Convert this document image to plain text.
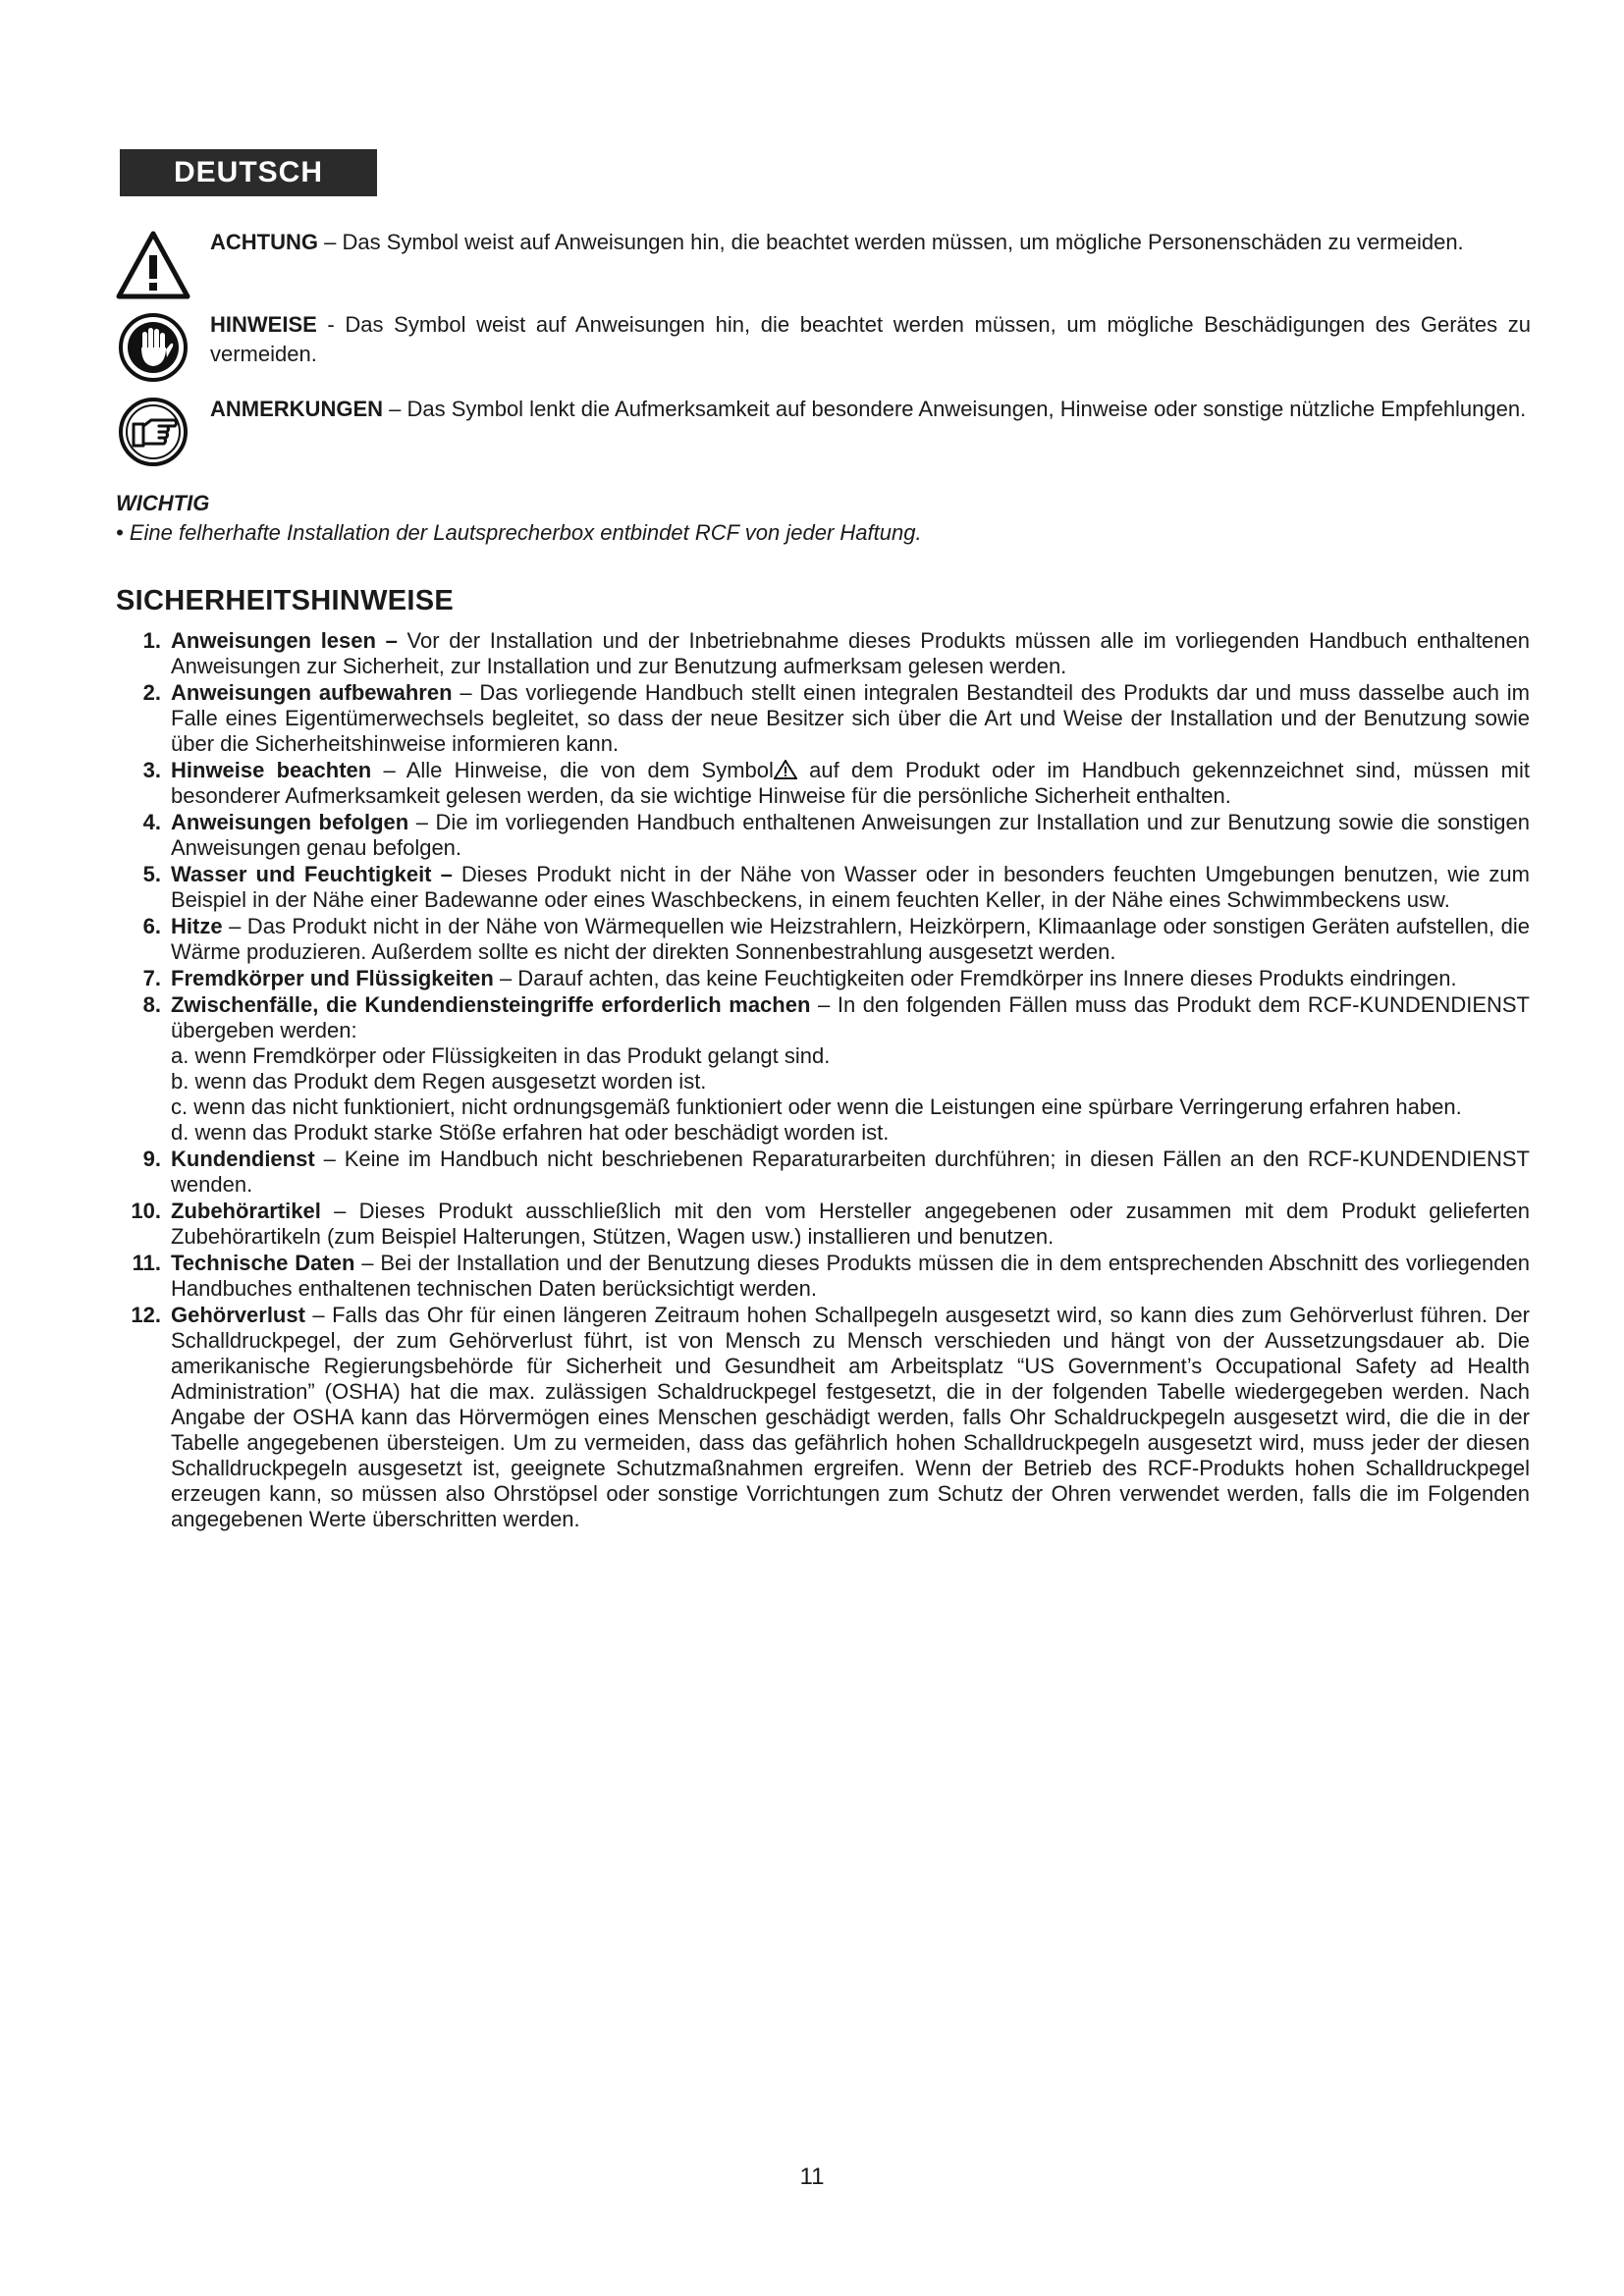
DEUTSCH
ACHTUNG – Das Symbol weist auf Anweisungen hin, die beachtet werden müssen, um mögliche Personenschäden zu vermeiden.
HINWEISE - Das Symbol weist auf Anweisungen hin, die beachtet werden müssen, um mögliche Beschädigungen des Gerätes zu vermeiden.
ANMERKUNGEN – Das Symbol lenkt die Aufmerksamkeit auf besondere Anweisungen, Hinweise oder sonstige nützliche Empfehlungen.
WICHTIG
• Eine felherhafte Installation der Lautsprecherbox entbindet RCF von jeder Haftung.
SICHERHEITSHINWEISE
1. Anweisungen lesen – Vor der Installation und der Inbetriebnahme dieses Produkts müssen alle im vorliegenden Handbuch enthaltenen Anweisungen zur Sicherheit, zur Installation und zur Benutzung aufmerksam gelesen werden.
2. Anweisungen aufbewahren – Das vorliegende Handbuch stellt einen integralen Bestandteil des Produkts dar und muss dasselbe auch im Falle eines Eigentümerwechsels begleitet, so dass der neue Besitzer sich über die Art und Weise der Installation und der Benutzung sowie über die Sicherheitshinweise informieren kann.
3. Hinweise beachten – Alle Hinweise, die von dem Symbol auf dem Produkt oder im Handbuch gekennzeichnet sind, müssen mit besonderer Aufmerksamkeit gelesen werden, da sie wichtige Hinweise für die persönliche Sicherheit enthalten.
4. Anweisungen befolgen – Die im vorliegenden Handbuch enthaltenen Anweisungen zur Installation und zur Benutzung sowie die sonstigen Anweisungen genau befolgen.
5. Wasser und Feuchtigkeit – Dieses Produkt nicht in der Nähe von Wasser oder in besonders feuchten Umgebungen benutzen, wie zum Beispiel in der Nähe einer Badewanne oder eines Waschbeckens, in einem feuchten Keller, in der Nähe eines Schwimmbeckens usw.
6. Hitze – Das Produkt nicht in der Nähe von Wärmequellen wie Heizstrahlern, Heizkörpern, Klimaanlage oder sonstigen Geräten aufstellen, die Wärme produzieren. Außerdem sollte es nicht der direkten Sonnenbestrahlung ausgesetzt werden.
7. Fremdkörper und Flüssigkeiten – Darauf achten, das keine Feuchtigkeiten oder Fremdkörper ins Innere dieses Produkts eindringen.
8. Zwischenfälle, die Kundendiensteingriffe erforderlich machen – In den folgenden Fällen muss das Produkt dem RCF-KUNDENDIENST übergeben werden:
a. wenn Fremdkörper oder Flüssigkeiten in das Produkt gelangt sind.
b. wenn das Produkt dem Regen ausgesetzt worden ist.
c. wenn das nicht funktioniert, nicht ordnungsgemäß funktioniert oder wenn die Leistungen eine spürbare Verringerung erfahren haben.
d. wenn das Produkt starke Stöße erfahren hat oder beschädigt worden ist.
9. Kundendienst – Keine im Handbuch nicht beschriebenen Reparaturarbeiten durchführen; in diesen Fällen an den RCF-KUNDENDIENST wenden.
10. Zubehörartikel – Dieses Produkt ausschließlich mit den vom Hersteller angegebenen oder zusammen mit dem Produkt gelieferten Zubehörartikeln (zum Beispiel Halterungen, Stützen, Wagen usw.) installieren und benutzen.
11. Technische Daten – Bei der Installation und der Benutzung dieses Produkts müssen die in dem entsprechenden Abschnitt des vorliegenden Handbuches enthaltenen technischen Daten berücksichtigt werden.
12. Gehörverlust – Falls das Ohr für einen längeren Zeitraum hohen Schallpegeln ausgesetzt wird, so kann dies zum Gehörverlust führen. Der Schalldruckpegel, der zum Gehörverlust führt, ist von Mensch zu Mensch verschieden und hängt von der Aussetzungsdauer ab. Die amerikanische Regierungsbehörde für Sicherheit und Gesundheit am Arbeitsplatz “US Government’s Occupational Safety ad Health Administration” (OSHA) hat die max. zulässigen Schaldruckpegel festgesetzt, die in der folgenden Tabelle wiedergegeben werden. Nach Angabe der OSHA kann das Hörvermögen eines Menschen geschädigt werden, falls Ohr Schaldruckpegeln ausgesetzt wird, die die in der Tabelle angegebenen übersteigen. Um zu vermeiden, dass das gefährlich hohen Schalldruckpegeln ausgesetzt wird, muss jeder der diesen Schalldruckpegeln ausgesetzt ist, geeignete Schutzmaßnahmen ergreifen. Wenn der Betrieb des RCF-Produkts hohen Schalldruckpegel erzeugen kann, so müssen also Ohrstöpsel oder sonstige Vorrichtungen zum Schutz der Ohren verwendet werden, falls die im Folgenden angegebenen Werte überschritten werden.
11
